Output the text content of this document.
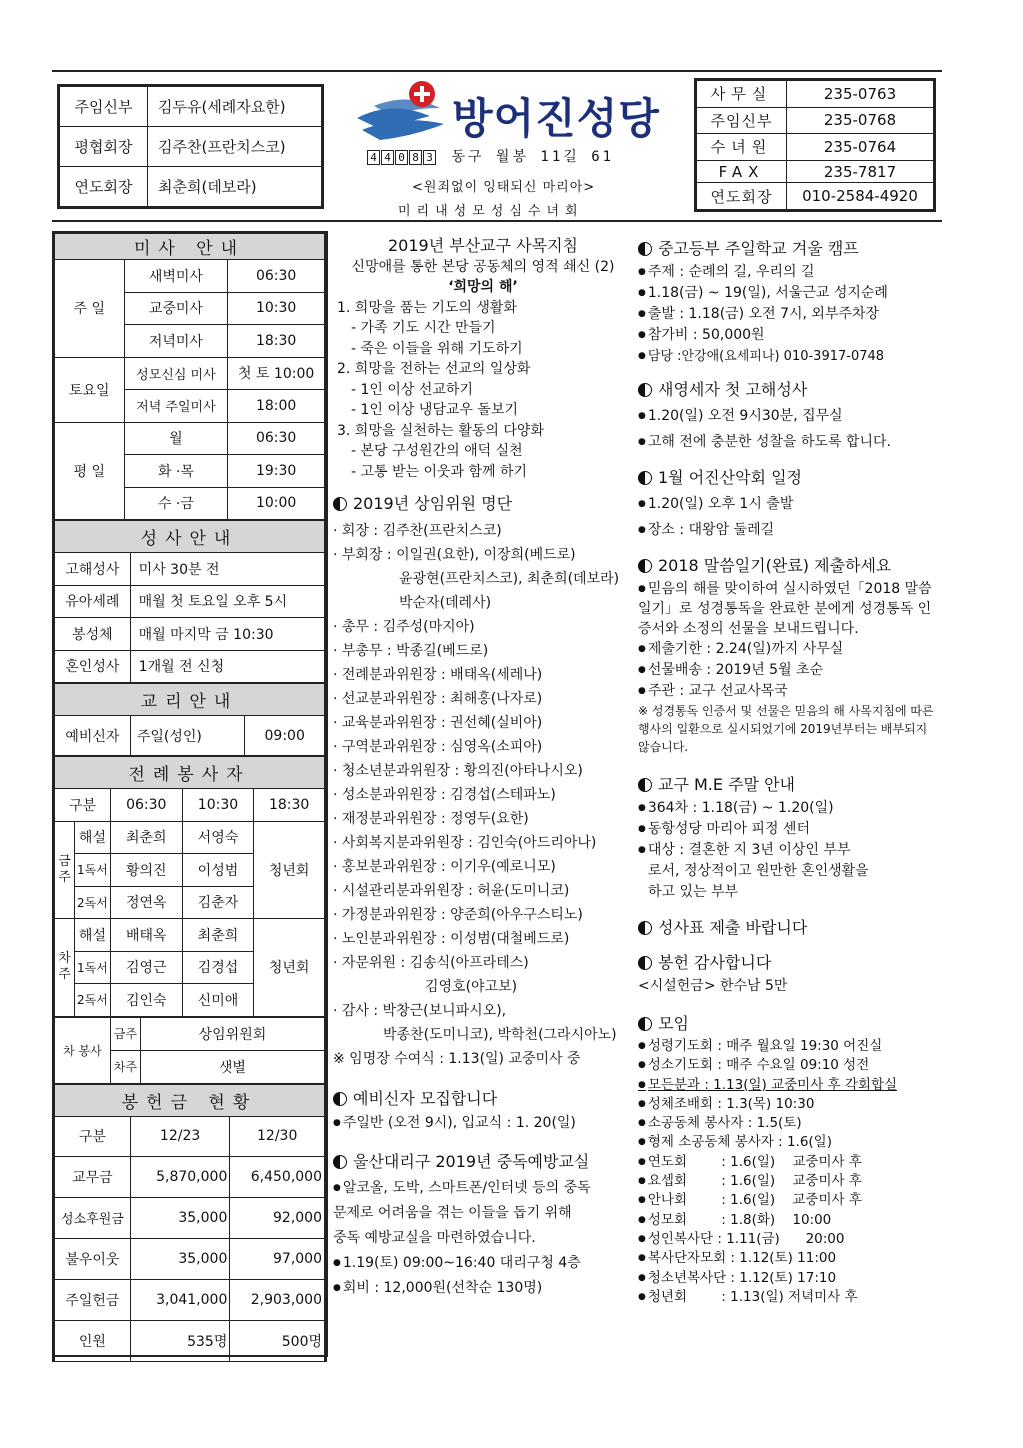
주임신부	김두유(세례자요한)
평협회장	김주찬(프란치스코)
연도회장	최춘희(데보라)
방어진성당
4 4 0 8 3 동구 월봉 11길 61
<원죄없이 잉태되신 마리아>
미리내성모성심수녀회
사무실	235-0763
주임신부	235-0768
수녀원	235-0764
FAX	235-7817
연도회장	010-2584-4920
미사 안내		
주 일	새벽미사	06:30
	교중미사	10:30
	저녁미사	18:30
토요일	성모신심 미사	첫 토 10:00
	저녁 주일미사	18:00
평 일	월	06:30
	화 ·목	19:30
	수 ·금	10:00
성사안내	
고해성사	미사 30분 전
유아세례	매월 첫 토요일 오후 5시
봉성체	매월 마지막 금 10:30
혼인성사	1개월 전 신청
교리안내
예비신자	주일(성인)	09:00
전례봉사자				
구분		06:30	10:30	18:30
금주	해설	최춘희	서영숙	청년회
	1독서	황의진	이성범	
	2독서	정연옥	김춘자	
차주	해설	배태옥	최춘희	청년회
	1독서	김영근	김경섭	
	2독서	김인숙	신미애	
차 봉사	금주	상임위원회
	차주	샛별
봉헌금 현황		
구분	12/23	12/30
교무금	5,870,000	6,450,000
성소후원금	35,000	92,000
불우이웃	35,000	97,000
주일헌금	3,041,000	2,903,000
인원	535명	500명
2019년 부산교구 사목지침
신망애를 통한 본당 공동체의 영적 쇄신 (2)
‘희망의 해’
1. 희망을 품는 기도의 생활화
- 가족 기도 시간 만들기
- 죽은 이들을 위해 기도하기
2. 희망을 전하는 선교의 일상화
- 1인 이상 선교하기
- 1인 이상 냉담교우 돌보기
3. 희망을 실천하는 활동의 다양화
- 본당 구성원간의 애덕 실천
- 고통 받는 이웃과 함께 하기
2019년 상임위원 명단
· 회장 : 김주찬(프란치스코)
· 부회장 : 이일권(요한), 이장희(베드로)
윤광현(프란치스코), 최춘희(데보라)
박순자(데레사)
· 총무 : 김주성(마지아)
· 부총무 : 박종길(베드로)
· 전례분과위원장 : 배태옥(세레나)
· 선교분과위원장 : 최해홍(나자로)
· 교육분과위원장 : 권선혜(실비아)
· 구역분과위원장 : 심영옥(소피아)
· 청소년분과위원장 : 황의진(아타나시오)
· 성소분과위원장 : 김경섭(스테파노)
· 재정분과위원장 : 정영두(요한)
· 사회복지분과위원장 : 김인숙(아드리아나)
· 홍보분과위원장 : 이기우(예로니모)
· 시설관리분과위원장 : 허윤(도미니코)
· 가정분과위원장 : 양준희(아우구스티노)
· 노인분과위원장 : 이성범(대철베드로)
· 자문위원 : 김송식(아프라테스)
김영호(야고보)
· 감사 : 박창근(보니파시오),
박종찬(도미니코), 박학천(그라시아노)
※ 임명장 수여식 : 1.13(일) 교중미사 중
예비신자 모집합니다
● 주일반 (오전 9시), 입교식 : 1. 20(일)
울산대리구 2019년 중독예방교실
● 알코올, 도박, 스마트폰/인터넷 등의 중독
문제로 어려움을 겪는 이들을 돕기 위해
중독 예방교실을 마련하였습니다.
● 1.19(토) 09:00~16:40 대리구청 4층
● 회비 : 12,000원(선착순 130명)
중고등부 주일학교 겨울 캠프
● 주제 : 순례의 길, 우리의 길
● 1.18(금) ~ 19(일), 서울근교 성지순례
● 출발 : 1.18(금) 오전 7시, 외부주차장
● 참가비 : 50,000원
● 담당 :안강애(요세피나) 010-3917-0748
새영세자 첫 고해성사
● 1.20(일) 오전 9시30분, 집무실
● 고해 전에 충분한 성찰을 하도록 합니다.
1월 어진산악회 일정
● 1.20(일) 오후 1시 출발
● 장소 : 대왕암 둘레길
2018 말씀일기(완료) 제출하세요
● 믿음의 해를 맞이하여 실시하였던「2018 말씀일기」로 성경통독을 완료한 분에게 성경통독 인증서와 소정의 선물을 보내드립니다.
● 제출기한 : 2.24(일)까지 사무실
● 선물배송 : 2019년 5월 초순
● 주관 : 교구 선교사목국
※ 성경통독 인증서 및 선물은 믿음의 해 사목지침에 따른 행사의 일환으로 실시되었기에 2019년부터는 배부되지 않습니다.
교구 M.E 주말 안내
● 364차 : 1.18(금) ~ 1.20(일)
● 동항성당 마리아 피정 센터
● 대상 : 결혼한 지 3년 이상인 부부
로서, 정상적이고 원만한 혼인생활을
하고 있는 부부
성사표 제출 바랍니다
봉헌 감사합니다
<시설헌금> 한수남 5만
모임
● 성령기도회 : 매주 월요일 19:30 어진실
● 성소기도회 : 매주 수요일 09:10 성전
● 모든분과 : 1.13(일) 교중미사 후 각회합실
● 성체조배회 : 1.3(목) 10:30
● 소공동체 봉사자 : 1.5(토)
● 형제 소공동체 봉사자 : 1.6(일)
● 연도회        : 1.6(일)    교중미사 후
● 요셉회        : 1.6(일)    교중미사 후
● 안나회        : 1.6(일)    교중미사 후
● 성모회        : 1.8(화)    10:00
● 성인복사단 : 1.11(금)      20:00
● 복사단자모회 : 1.12(토) 11:00
● 청소년복사단 : 1.12(토) 17:10
● 청년회        : 1.13(일) 저녁미사 후
